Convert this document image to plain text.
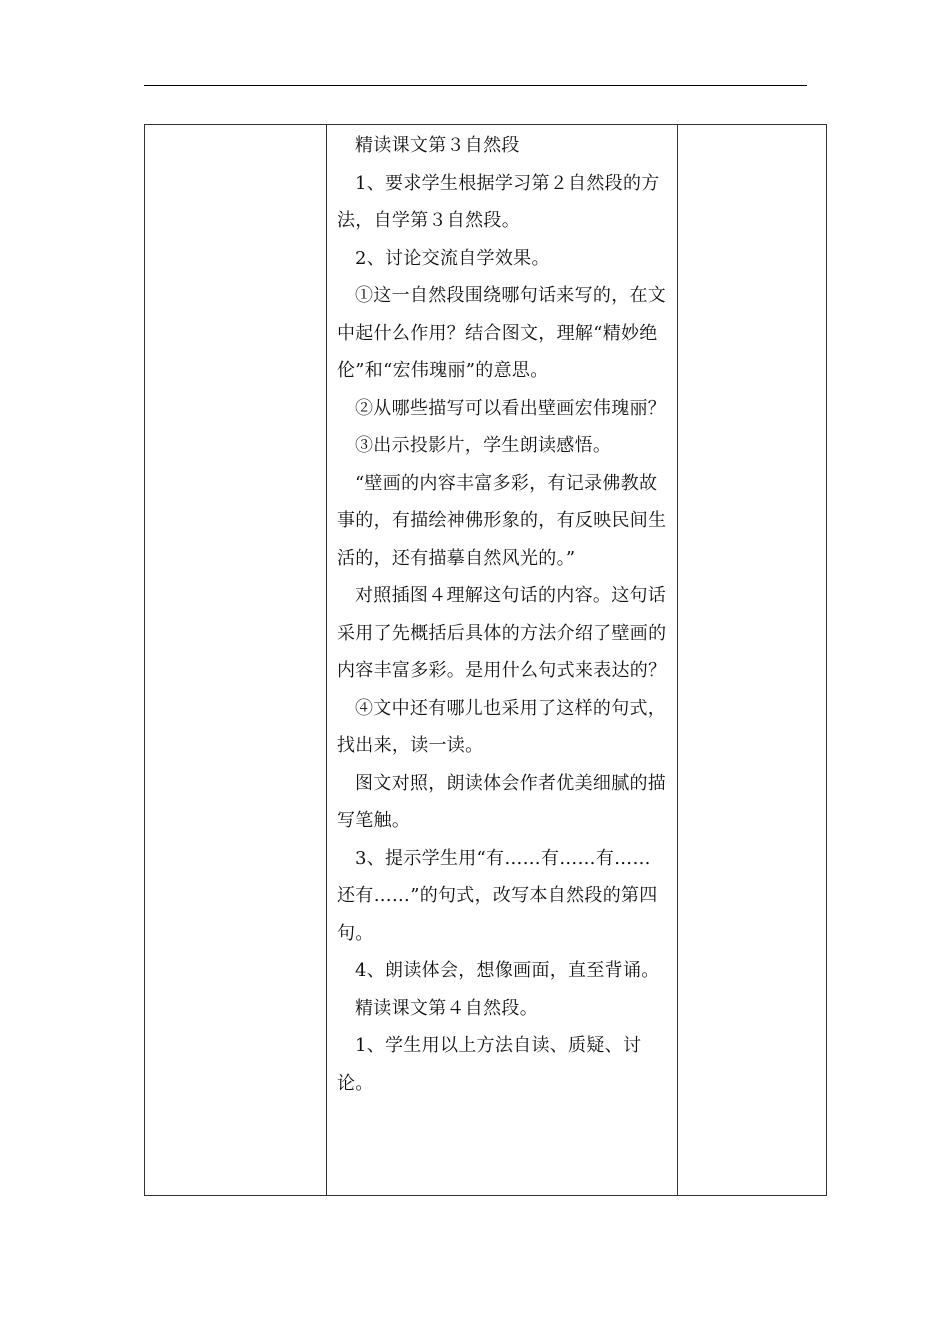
精读课文第３自然段

1、要求学生根据学习第２自然段的方法，自学第３自然段。

2、讨论交流自学效果。

①这一自然段围绕哪句话来写的，在文中起什么作用？结合图文，理解“精妙绝伦”和“宏伟瑰丽”的意思。

②从哪些描写可以看出壁画宏伟瑰丽？

③出示投影片，学生朗读感悟。

“壁画的内容丰富多彩，有记录佛教故事的，有描绘神佛形象的，有反映民间生活的，还有描摹自然风光的。”

对照插图４理解这句话的内容。这句话采用了先概括后具体的方法介绍了壁画的内容丰富多彩。是用什么句式来表达的？

④文中还有哪儿也采用了这样的句式，找出来，读一读。

图文对照，朗读体会作者优美细腻的描写笔触。

3、提示学生用“有……有……有……还有……”的句式，改写本自然段的第四句。

4、朗读体会，想像画面，直至背诵。

精读课文第４自然段。

1、学生用以上方法自读、质疑、讨论。
